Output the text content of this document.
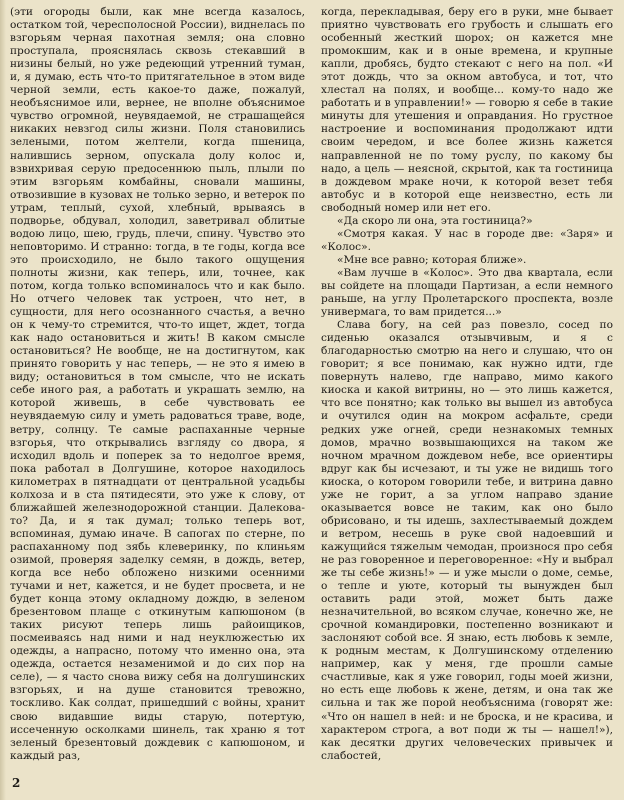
(эти огороды были, как мне всегда казалось, остатком той, чересполосной России), виднелась по взгорьям черная пахотная земля; она словно проступала, прояснялась сквозь стекавший в низины белый, но уже редеющий утренний туман, и, я думаю, есть что-то притягательное в этом виде черной земли, есть какое-то даже, пожалуй, необъяснимое или, вернее, не вполне объяснимое чувство огромной, неувядаемой, не страшащейся никаких невзгод силы жизни. Поля становились зелеными, потом желтели, когда пшеница, налившись зерном, опускала долу колос и, взвихривая серую предосеннюю пыль, плыли по этим взгорьям комбайны, сновали машины, отвозившие в кузовах не только зерно, и ветерок по утрам, теплый, сухой, хлебный, врываясь в подворье, обдувал, холодил, заветривал облитые водою лицо, шею, грудь, плечи, спину. Чувство это неповторимо. И странно: тогда, в те годы, когда все это происходило, не было такого ощущения полноты жизни, как теперь, или, точнее, как потом, когда только вспоминалось что и как было. Но отчего человек так устроен, что нет, в сущности, для него осознанного счастья, а вечно он к чему-то стремится, что-то ищет, ждет, тогда как надо остановиться и жить! В каком смысле остановиться? Не вообще, не на достигнутом, как принято говорить у нас теперь, — не это я имею в виду; остановиться в том смысле, что не искать себе иного рая, а работать и украшать землю, на которой живешь, в себе чувствовать ее неувядаемую силу и уметь радоваться траве, воде, ветру, солнцу. Те самые распаханные черные взгорья, что открывались взгляду со двора, я исходил вдоль и поперек за то недолгое время, пока работал в Долгушине, которое находилось километрах в пятнадцати от центральной усадьбы колхоза и в ста пятидесяти, это уже к слову, от ближайшей железнодорожной станции. Далекова-то? Да, и я так думал; только теперь вот, вспоминая, думаю иначе. В сапогах по стерне, по распаханному под зябь клеверинку, по клиньям озимой, проверяя заделку семян, в дождь, ветер, когда все небо обложено низкими осенними тучами и нет, кажется, и не будет просвета, и не будет конца этому окладному дождю, в зеленом брезентовом плаще с откинутым капюшоном (в таких рисуют теперь лишь райоищиков, посмеиваясь над ними и над неуклюжестью их одежды, а напрасно, потому что именно она, эта одежда, остается незаменимой и до сих пор на селе), — я часто снова вижу себя на долгушинских взгорьях, и на душе становится тревожно, тоскливо. Как солдат, пришедший с войны, хранит свою видавшие виды старую, потертую, иссеченную осколками шинель, так храню я тот зеленый брезентовый дождевик с капюшоном, и каждый раз,

когда, перекладывая, беру его в руки, мне бывает приятно чувствовать его грубость и слышать его особенный жесткий шорох; он кажется мне промокшим, как и в оные времена, и крупные капли, дробясь, будто стекают с него на пол. «И этот дождь, что за окном автобуса, и тот, что хлестал на полях, и вообще... кому-то надо же работать и в управлении!» — говорю я себе в такие минуты для утешения и оправдания. Но грустное настроение и воспоминания продолжают идти своим чередом, и все более жизнь кажется направленной не по тому руслу, по какому бы надо, а цель — неясной, скрытой, как та гостиница в дождевом мраке ночи, к которой везет тебя автобус и в которой еще неизвестно, есть ли свободный номер или нет его.

«Да скоро ли она, эта гостиница?»

«Смотря какая. У нас в городе две: «Заря» и «Колос».

«Мне все равно; которая ближе».

«Вам лучше в «Колос». Это два квартала, если вы сойдете на площади Партизан, а если немного раньше, на углу Пролетарского проспекта, возле универмага, то вам придется...»

Слава богу, на сей раз повезло, сосед по сиденью оказался отзывчивым, и я с благодарностью смотрю на него и слушаю, что он говорит; я все понимаю, как нужно идти, где повернуть налево, где направо, мимо какого киоска и какой витрины, но — это лишь кажется, что все понятно; как только вы вышел из автобуса и очутился один на мокром асфальте, среди редких уже огней, среди незнакомых темных домов, мрачно возвышающихся на таком же ночном мрачном дождевом небе, все ориентиры вдруг как бы исчезают, и ты уже не видишь того киоска, о котором говорили тебе, и витрина давно уже не горит, а за углом направо здание оказывается вовсе не таким, как оно было обрисовано, и ты идешь, захлестываемый дождем и ветром, несешь в руке свой надоевший и кажущийся тяжелым чемодан, произнося про себя не раз говоренное и переговоренное: «Ну и выбрал же ты себе жизнь!» — и уже мысли о доме, семье, о тепле и уюте, который ты вынужден был оставить ради этой, может быть даже незначительной, во всяком случае, конечно же, не срочной командировки, постепенно возникают и заслоняют собой все. Я знаю, есть любовь к земле, к родным местам, к Долгушинскому отделению например, как у меня, где прошли самые счастливые, как я уже говорил, годы моей жизни, но есть еще любовь к жене, детям, и она так же сильна и так же порой необъяснима (говорят же: «Что он нашел в ней: и не броска, и не красива, и характером строга, а вот поди ж ты — нашел!»), как десятки других человеческих привычек и слабостей,

2
